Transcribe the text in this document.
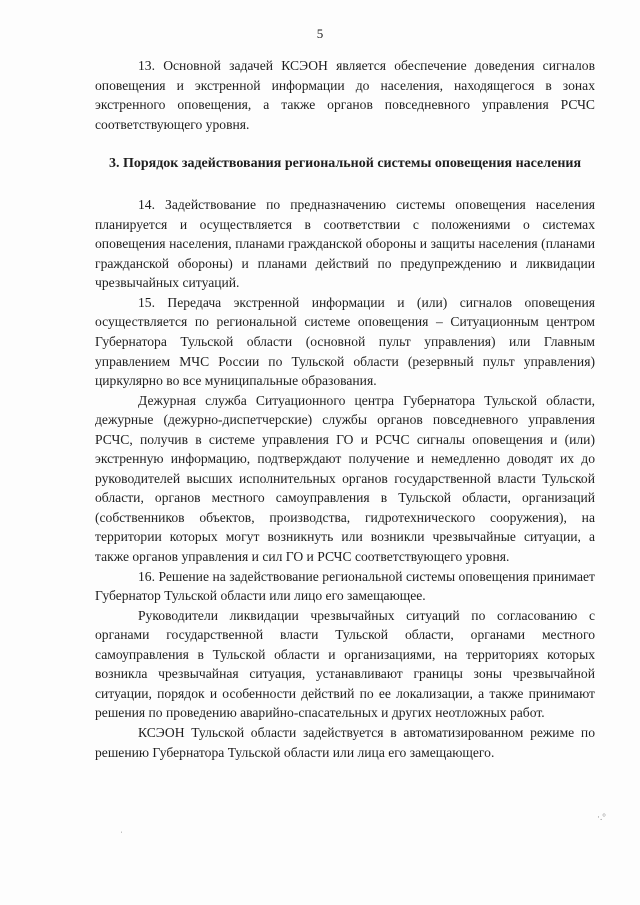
5

13. Основной задачей КСЭОН является обеспечение доведения сигналов оповещения и экстренной информации до населения, находящегося в зонах экстренного оповещения, а также органов повседневного управления РСЧС соответствующего уровня.

3. Порядок задействования региональной системы оповещения населения

14. Задействование по предназначению системы оповещения населения планируется и осуществляется в соответствии с положениями о системах оповещения населения, планами гражданской обороны и защиты населения (планами гражданской обороны) и планами действий по предупреждению и ликвидации чрезвычайных ситуаций.

15. Передача экстренной информации и (или) сигналов оповещения осуществляется по региональной системе оповещения – Ситуационным центром Губернатора Тульской области (основной пульт управления) или Главным управлением МЧС России по Тульской области (резервный пульт управления) циркулярно во все муниципальные образования.

Дежурная служба Ситуационного центра Губернатора Тульской области, дежурные (дежурно-диспетчерские) службы органов повседневного управления РСЧС, получив в системе управления ГО и РСЧС сигналы оповещения и (или) экстренную информацию, подтверждают получение и немедленно доводят их до руководителей высших исполнительных органов государственной власти Тульской области, органов местного самоуправления в Тульской области, организаций (собственников объектов, производства, гидротехнического сооружения), на территории которых могут возникнуть или возникли чрезвычайные ситуации, а также органов управления и сил ГО и РСЧС соответствующего уровня.

16. Решение на задействование региональной системы оповещения принимает Губернатор Тульской области или лицо его замещающее.

Руководители ликвидации чрезвычайных ситуаций по согласованию с органами государственной власти Тульской области, органами местного самоуправления в Тульской области и организациями, на территориях которых возникла чрезвычайная ситуация, устанавливают границы зоны чрезвычайной ситуации, порядок и особенности действий по ее локализации, а также принимают решения по проведению аварийно-спасательных и других неотложных работ.

КСЭОН Тульской области задействуется в автоматизированном режиме по решению Губернатора Тульской области или лица его замещающего.

ˌ
·.°
